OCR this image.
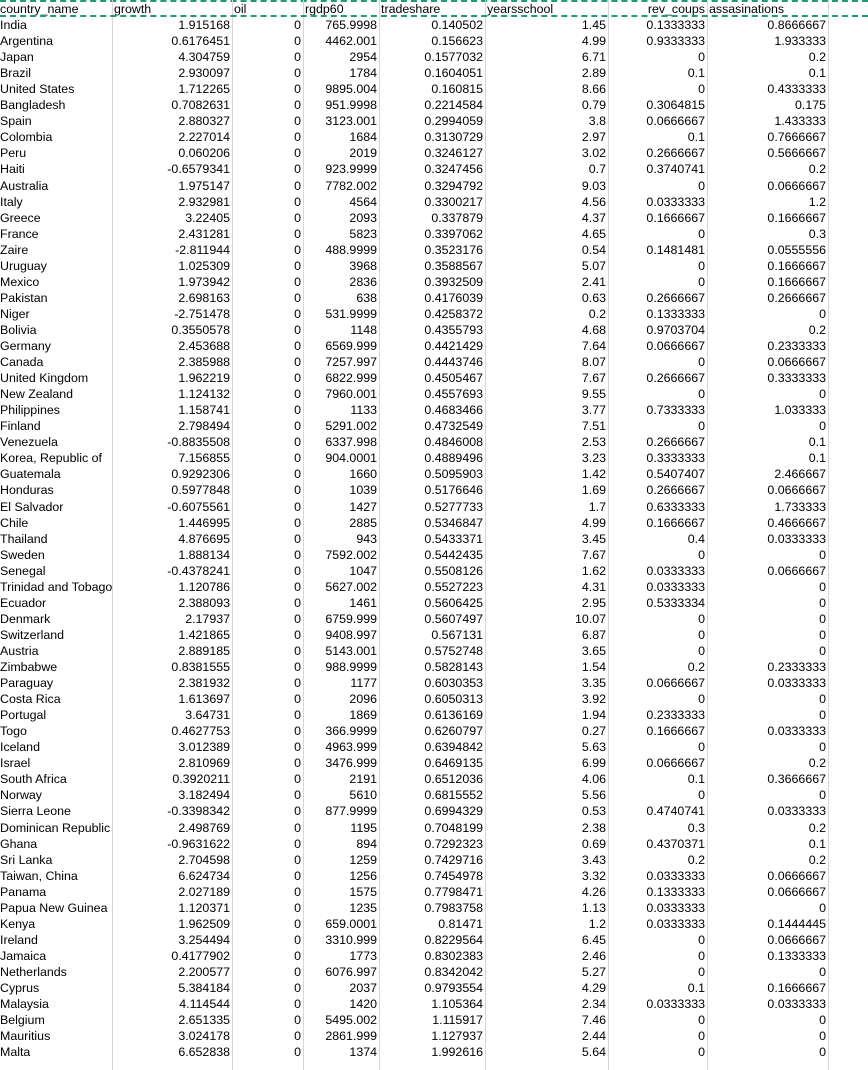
country_name	growth	oil	rgdp60	tradeshare	yearsschool	rev_coups assasinations
India	1.915168	0	765.9998	0.140502	1.45	0.1333333	0.8666667
Argentina	0.6176451	0	4462.001	0.156623	4.99	0.9333333	1.933333
Japan	4.304759	0	2954	0.1577032	6.71	0	0.2
Brazil	2.930097	0	1784	0.1604051	2.89	0.1	0.1
United States	1.712265	0	9895.004	0.160815	8.66	0	0.4333333
Bangladesh	0.7082631	0	951.9998	0.2214584	0.79	0.3064815	0.175
Spain	2.880327	0	3123.001	0.2994059	3.8	0.0666667	1.433333
Colombia	2.227014	0	1684	0.3130729	2.97	0.1	0.7666667
Peru	0.060206	0	2019	0.3246127	3.02	0.2666667	0.5666667
Haiti	-0.6579341	0	923.9999	0.3247456	0.7	0.3740741	0.2
Australia	1.975147	0	7782.002	0.3294792	9.03	0	0.0666667
Italy	2.932981	0	4564	0.3300217	4.56	0.0333333	1.2
Greece	3.22405	0	2093	0.337879	4.37	0.1666667	0.1666667
France	2.431281	0	5823	0.3397062	4.65	0	0.3
Zaire	-2.811944	0	488.9999	0.3523176	0.54	0.1481481	0.0555556
Uruguay	1.025309	0	3968	0.3588567	5.07	0	0.1666667
Mexico	1.973942	0	2836	0.3932509	2.41	0	0.1666667
Pakistan	2.698163	0	638	0.4176039	0.63	0.2666667	0.2666667
Niger	-2.751478	0	531.9999	0.4258372	0.2	0.1333333	0
Bolivia	0.3550578	0	1148	0.4355793	4.68	0.9703704	0.2
Germany	2.453688	0	6569.999	0.4421429	7.64	0.0666667	0.2333333
Canada	2.385988	0	7257.997	0.4443746	8.07	0	0.0666667
United Kingdom	1.962219	0	6822.999	0.4505467	7.67	0.2666667	0.3333333
New Zealand	1.124132	0	7960.001	0.4557693	9.55	0	0
Philippines	1.158741	0	1133	0.4683466	3.77	0.7333333	1.033333
Finland	2.798494	0	5291.002	0.4732549	7.51	0	0
Venezuela	-0.8835508	0	6337.998	0.4846008	2.53	0.2666667	0.1
Korea, Republic of	7.156855	0	904.0001	0.4889496	3.23	0.3333333	0.1
Guatemala	0.9292306	0	1660	0.5095903	1.42	0.5407407	2.466667
Honduras	0.5977848	0	1039	0.5176646	1.69	0.2666667	0.0666667
El Salvador	-0.6075561	0	1427	0.5277733	1.7	0.6333333	1.733333
Chile	1.446995	0	2885	0.5346847	4.99	0.1666667	0.4666667
Thailand	4.876695	0	943	0.5433371	3.45	0.4	0.0333333
Sweden	1.888134	0	7592.002	0.5442435	7.67	0	0
Senegal	-0.4378241	0	1047	0.5508126	1.62	0.0333333	0.0666667
Trinidad and Tobago	1.120786	0	5627.002	0.5527223	4.31	0.0333333	0
Ecuador	2.388093	0	1461	0.5606425	2.95	0.5333334	0
Denmark	2.17937	0	6759.999	0.5607497	10.07	0	0
Switzerland	1.421865	0	9408.997	0.567131	6.87	0	0
Austria	2.889185	0	5143.001	0.5752748	3.65	0	0
Zimbabwe	0.8381555	0	988.9999	0.5828143	1.54	0.2	0.2333333
Paraguay	2.381932	0	1177	0.6030353	3.35	0.0666667	0.0333333
Costa Rica	1.613697	0	2096	0.6050313	3.92	0	0
Portugal	3.64731	0	1869	0.6136169	1.94	0.2333333	0
Togo	0.4627753	0	366.9999	0.6260797	0.27	0.1666667	0.0333333
Iceland	3.012389	0	4963.999	0.6394842	5.63	0	0
Israel	2.810969	0	3476.999	0.6469135	6.99	0.0666667	0.2
South Africa	0.3920211	0	2191	0.6512036	4.06	0.1	0.3666667
Norway	3.182494	0	5610	0.6815552	5.56	0	0
Sierra Leone	-0.3398342	0	877.9999	0.6994329	0.53	0.4740741	0.0333333
Dominican Republic	2.498769	0	1195	0.7048199	2.38	0.3	0.2
Ghana	-0.9631622	0	894	0.7292323	0.69	0.4370371	0.1
Sri Lanka	2.704598	0	1259	0.7429716	3.43	0.2	0.2
Taiwan, China	6.624734	0	1256	0.7454978	3.32	0.0333333	0.0666667
Panama	2.027189	0	1575	0.7798471	4.26	0.1333333	0.0666667
Papua New Guinea	1.120371	0	1235	0.7983758	1.13	0.0333333	0
Kenya	1.962509	0	659.0001	0.81471	1.2	0.0333333	0.1444445
Ireland	3.254494	0	3310.999	0.8229564	6.45	0	0.0666667
Jamaica	0.4177902	0	1773	0.8302383	2.46	0	0.1333333
Netherlands	2.200577	0	6076.997	0.8342042	5.27	0	0
Cyprus	5.384184	0	2037	0.9793554	4.29	0.1	0.1666667
Malaysia	4.114544	0	1420	1.105364	2.34	0.0333333	0.0333333
Belgium	2.651335	0	5495.002	1.115917	7.46	0	0
Mauritius	3.024178	0	2861.999	1.127937	2.44	0	0
Malta	6.652838	0	1374	1.992616	5.64	0	0
